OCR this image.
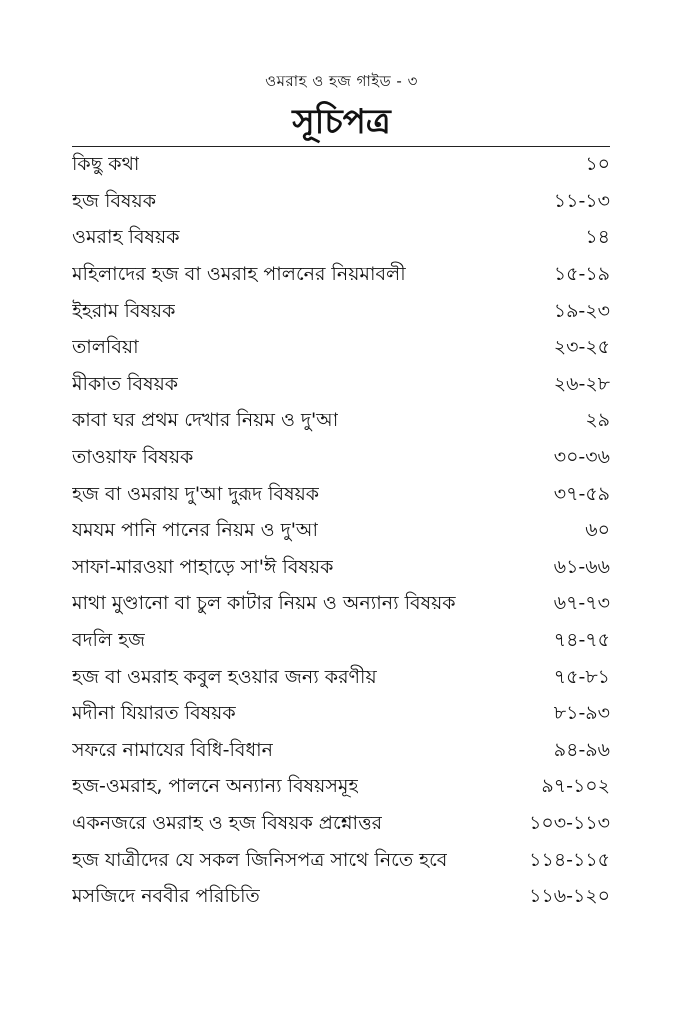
ওমরাহ ও হজ গাইড - ৩
সূচিপত্র
কিছু কথা	১০
হজ বিষয়ক	১১-১৩
ওমরাহ বিষয়ক	১৪
মহিলাদের হজ বা ওমরাহ পালনের নিয়মাবলী	১৫-১৯
ইহরাম বিষয়ক	১৯-২৩
তালবিয়া	২৩-২৫
মীকাত বিষয়ক	২৬-২৮
কাবা ঘর প্রথম দেখার নিয়ম ও দু'আ	২৯
তাওয়াফ বিষয়ক	৩০-৩৬
হজ বা ওমরায় দু'আ দুরূদ বিষয়ক	৩৭-৫৯
যমযম পানি পানের নিয়ম ও দু'আ	৬০
সাফা-মারওয়া পাহাড়ে সা'ঈ বিষয়ক	৬১-৬৬
মাথা মুণ্ডানো বা চুল কাটার নিয়ম ও অন্যান্য বিষয়ক	৬৭-৭৩
বদলি হজ	৭৪-৭৫
হজ বা ওমরাহ কবুল হওয়ার জন্য করণীয়	৭৫-৮১
মদীনা যিয়ারত বিষয়ক	৮১-৯৩
সফরে নামাযের বিধি-বিধান	৯৪-৯৬
হজ-ওমরাহ, পালনে অন্যান্য বিষয়সমূহ	৯৭-১০২
একনজরে ওমরাহ ও হজ বিষয়ক প্রশ্নোত্তর	১০৩-১১৩
হজ যাত্রীদের যে সকল জিনিসপত্র সাথে নিতে হবে	১১৪-১১৫
মসজিদে নববীর পরিচিতি	১১৬-১২০
